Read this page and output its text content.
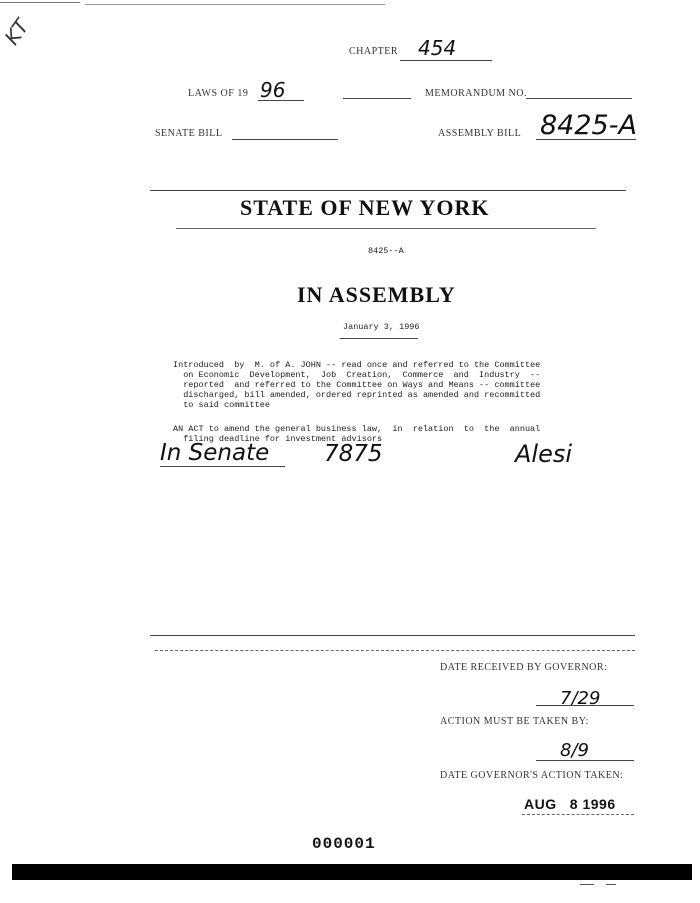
KT
CHAPTER 454
LAWS OF 19 96	MEMORANDUM NO.
SENATE BILL	ASSEMBLY BILL 8425-A
STATE OF NEW YORK
8425--A
IN ASSEMBLY
January 3, 1996

Introduced  by  M. of A. JOHN -- read once and referred to the Committee
on Economic  Development,  Job  Creation,  Commerce  and  Industry  --
reported  and referred to the Committee on Ways and Means -- committee
discharged, bill amended, ordered reprinted as amended and recommitted
to said committee

AN ACT to amend the general business law,  in  relation  to  the  annual
filing deadline for investment advisors

In Senate 7875	Alesi
DATE RECEIVED BY GOVERNOR:
7/29
ACTION MUST BE TAKEN BY:
8/9
DATE GOVERNOR'S ACTION TAKEN:
AUG   8 1996
000001
